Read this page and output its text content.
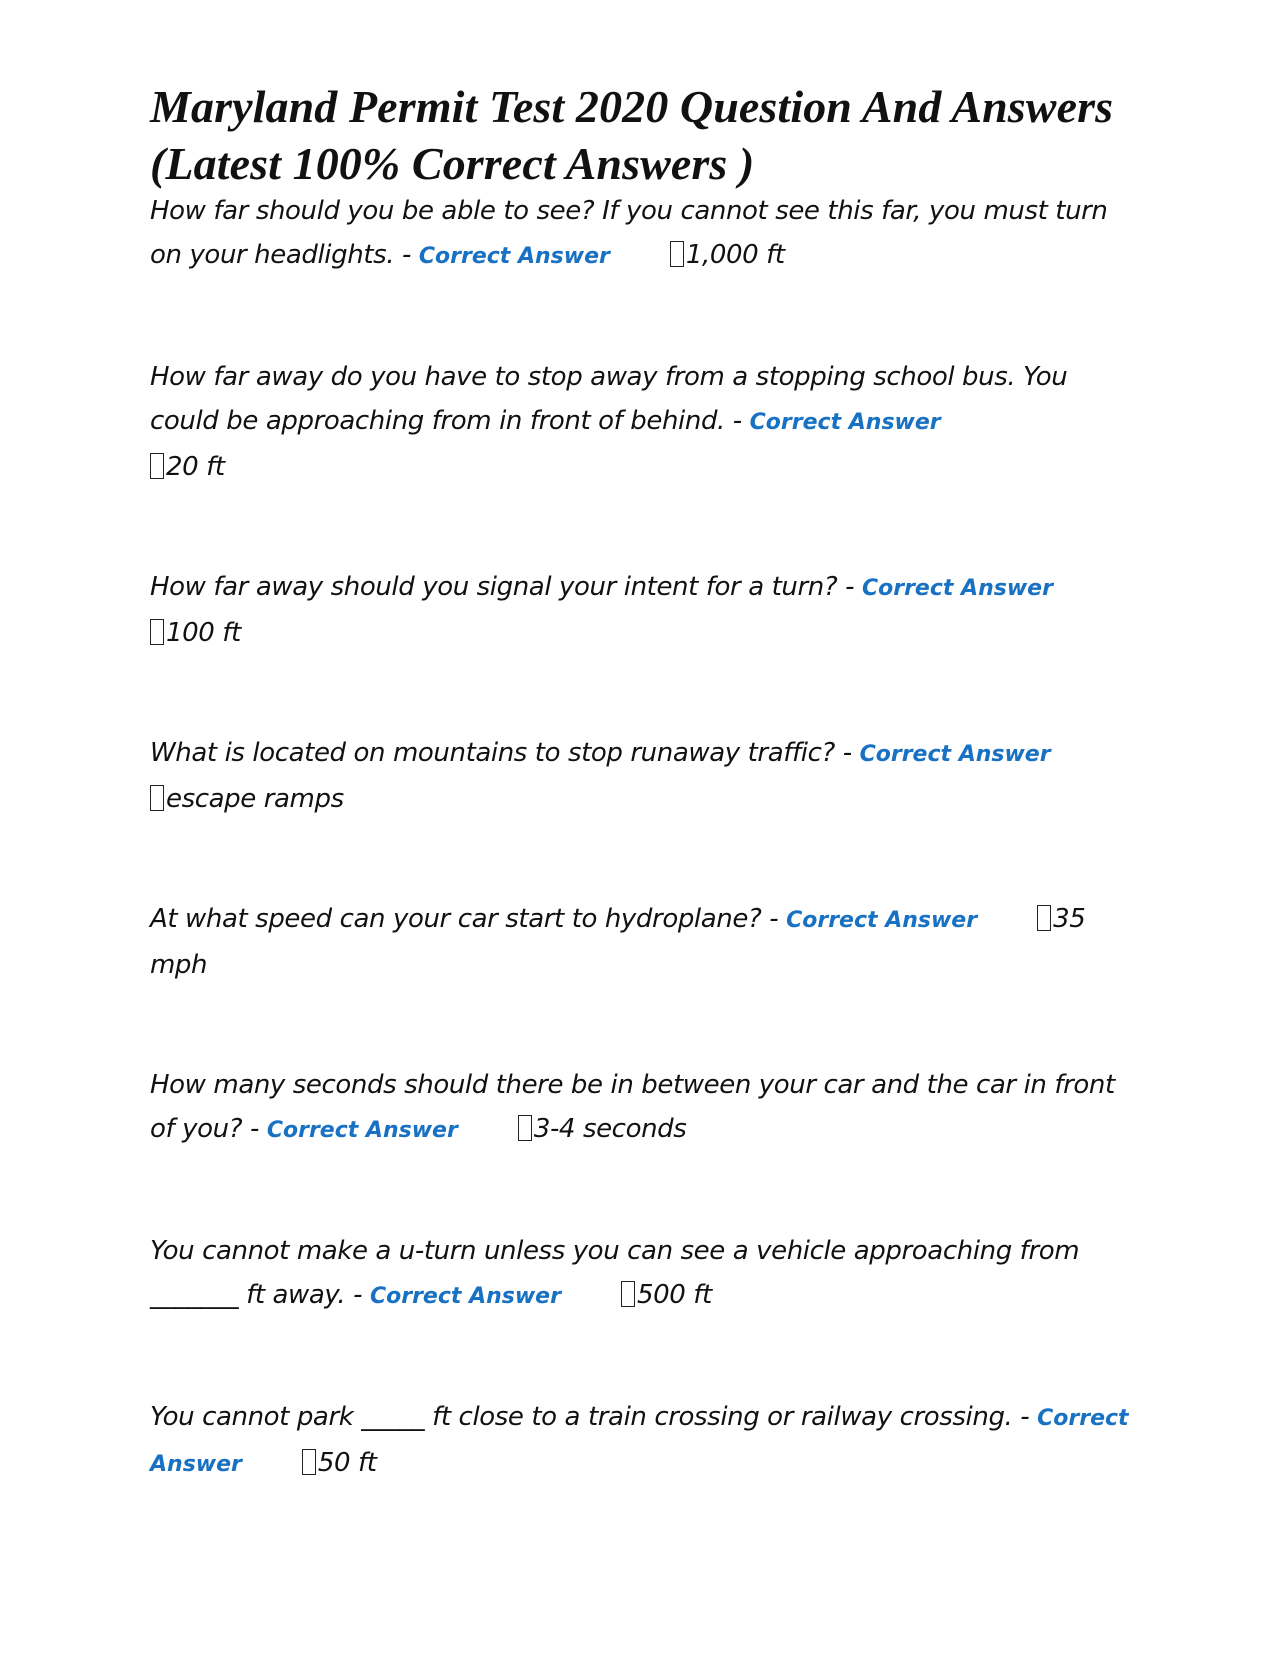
Maryland Permit Test 2020 Question And Answers (Latest 100% Correct Answers )

How far should you be able to see? If you cannot see this far, you must turn on your headlights. - Correct Answer	1,000 ft

How far away do you have to stop away from a stopping school bus. You could be approaching from in front of behind. - Correct Answer
20 ft

How far away should you signal your intent for a turn? - Correct Answer
100 ft

What is located on mountains to stop runaway traffic? - Correct Answer
escape ramps

At what speed can your car start to hydroplane? - Correct Answer	35 mph

How many seconds should there be in between your car and the car in front of you? - Correct Answer	3-4 seconds

You cannot make a u-turn unless you can see a vehicle approaching from _______ ft away. - Correct Answer	500 ft

You cannot park _____ ft close to a train crossing or railway crossing. - Correct Answer	50 ft
